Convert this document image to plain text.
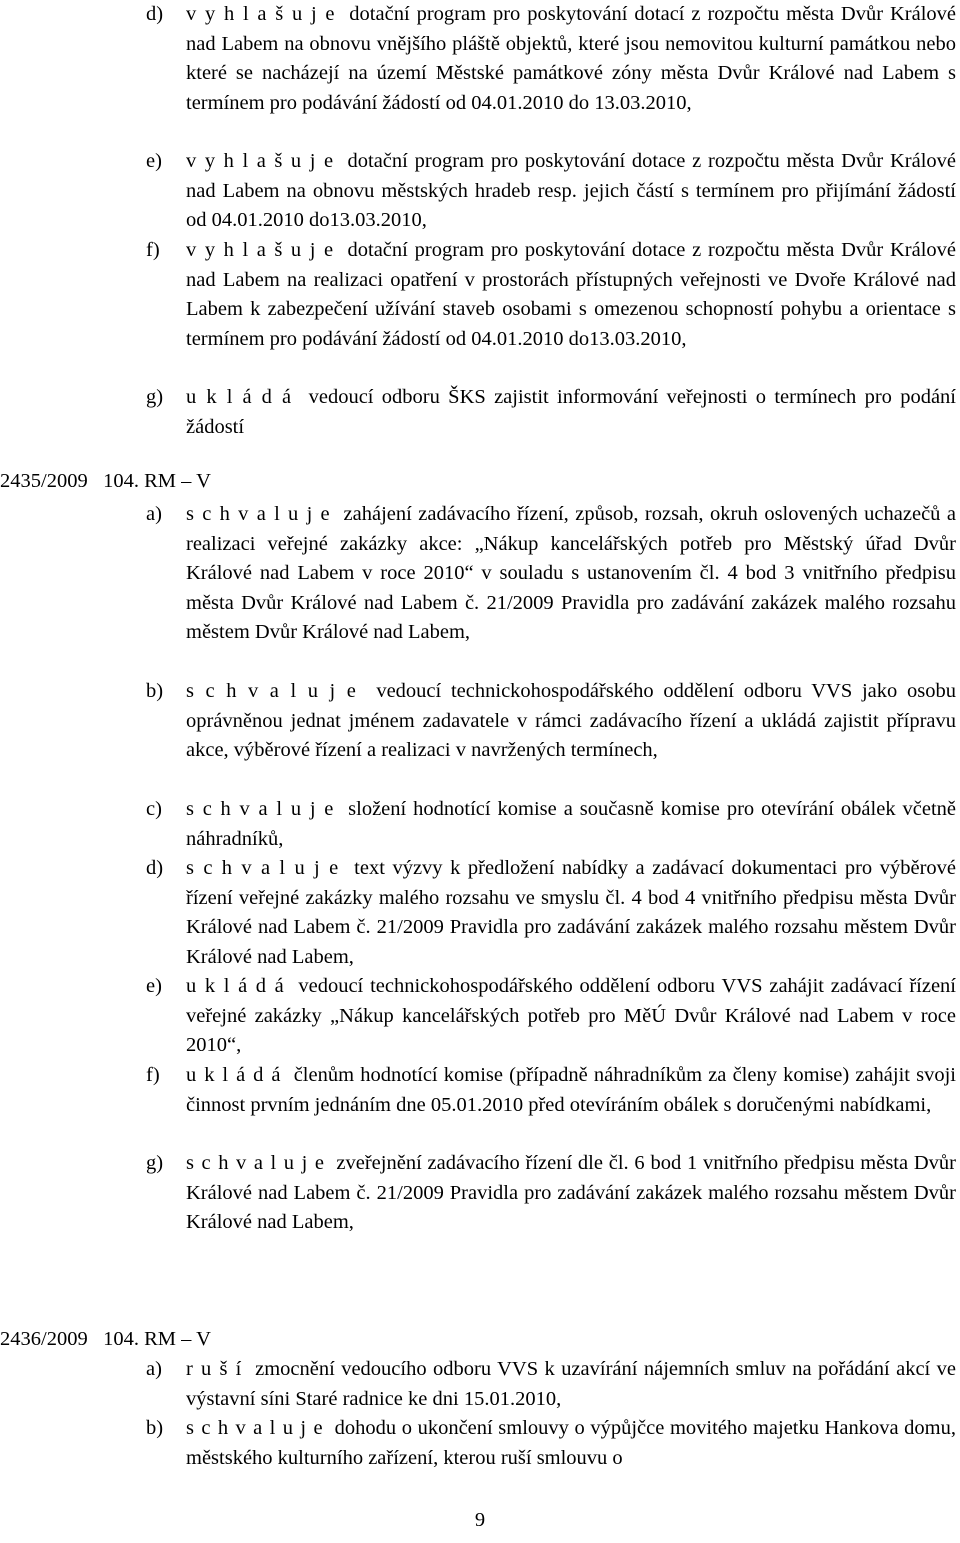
d) v y h l a š u j e dotační program pro poskytování dotací z rozpočtu města Dvůr Králové nad Labem na obnovu vnějšího pláště objektů, které jsou nemovitou kulturní památkou nebo které se nacházejí na území Městské památkové zóny města Dvůr Králové nad Labem s termínem pro podávání žádostí od 04.01.2010 do 13.03.2010,
e) v y h l a š u j e dotační program pro poskytování dotace z rozpočtu města Dvůr Králové nad Labem na obnovu městských hradeb resp. jejich částí s termínem pro přijímání žádostí od 04.01.2010 do13.03.2010,
f) v y h l a š u j e dotační program pro poskytování dotace z rozpočtu města Dvůr Králové nad Labem na realizaci opatření v prostorách přístupných veřejnosti ve Dvoře Králové nad Labem k zabezpečení užívání staveb osobami s omezenou schopností pohybu a orientace s termínem pro podávání žádostí od 04.01.2010 do13.03.2010,
g) u k l á d á vedoucí odboru ŠKS zajistit informování veřejnosti o termínech pro podání žádostí
2435/2009   104. RM – V
a) s c h v a l u j e zahájení zadávacího řízení, způsob, rozsah, okruh oslovených uchazečů a realizaci veřejné zakázky akce: „Nákup kancelářských potřeb pro Městský úřad Dvůr Králové nad Labem v roce 2010“ v souladu s ustanovením čl. 4 bod 3 vnitřního předpisu města Dvůr Králové nad Labem č. 21/2009 Pravidla pro zadávání zakázek malého rozsahu městem Dvůr Králové nad Labem,
b) s c h v a l u j e vedoucí technickohospodářského oddělení odboru VVS jako osobu oprávněnou jednat jménem zadavatele v rámci zadávacího řízení a ukládá zajistit přípravu akce, výběrové řízení a realizaci v navržených termínech,
c) s c h v a l u j e složení hodnotící komise a současně komise pro otevírání obálek včetně náhradníků,
d) s c h v a l u j e text výzvy k předložení nabídky a zadávací dokumentaci pro výběrové řízení veřejné zakázky malého rozsahu ve smyslu čl. 4 bod 4 vnitřního předpisu města Dvůr Králové nad Labem č. 21/2009 Pravidla pro zadávání zakázek malého rozsahu městem Dvůr Králové nad Labem,
e) u k l á d á vedoucí technickohospodářského oddělení odboru VVS zahájit zadávací řízení veřejné zakázky „Nákup kancelářských potřeb pro MěÚ Dvůr Králové nad Labem v roce 2010“,
f) u k l á d á členům hodnotící komise (případně náhradníkům za členy komise) zahájit svoji činnost prvním jednáním dne 05.01.2010 před otevíráním obálek s doručenými nabídkami,
g) s c h v a l u j e zveřejnění zadávacího řízení dle čl. 6 bod 1 vnitřního předpisu města Dvůr Králové nad Labem č. 21/2009 Pravidla pro zadávání zakázek malého rozsahu městem Dvůr Králové nad Labem,
2436/2009   104. RM – V
a) r u š í zmocnění vedoucího odboru VVS k uzavírání nájemních smluv na pořádání akcí ve výstavní síni Staré radnice ke dni 15.01.2010,
b) s c h v a l u j e dohodu o ukončení smlouvy o výpůjčce movitého majetku Hankova domu, městského kulturního zařízení, kterou ruší smlouvu o
9
